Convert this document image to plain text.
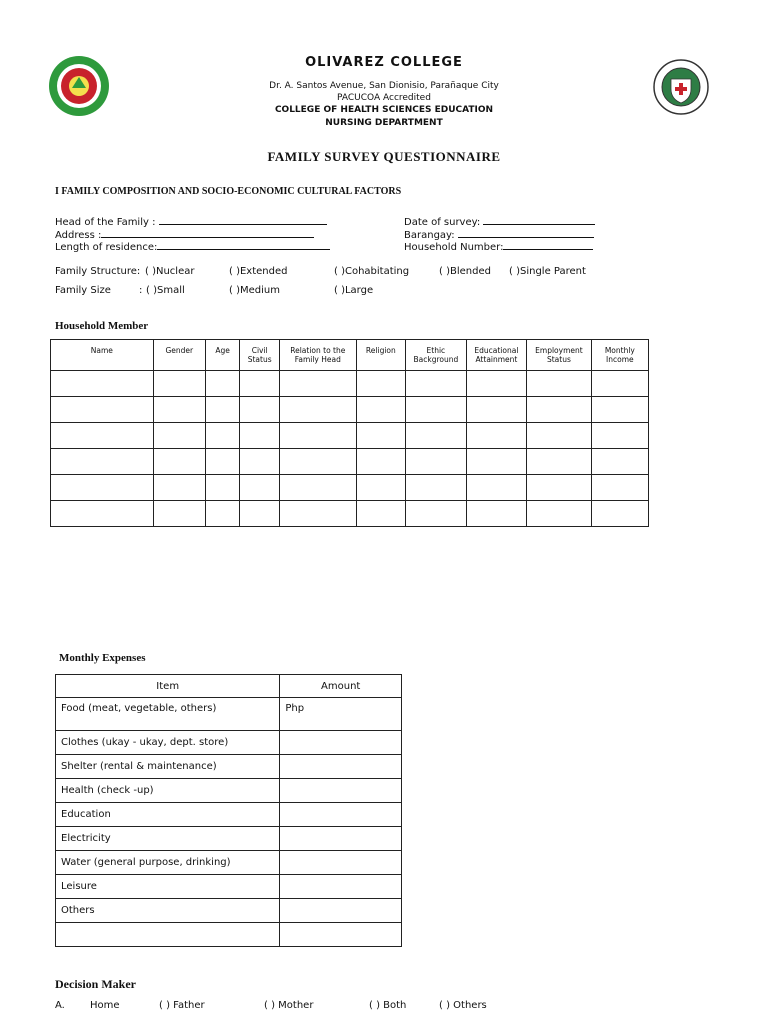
OLIVAREZ COLLEGE
Dr. A. Santos Avenue, San Dionisio, Parañaque City
PACUCOA Accredited
COLLEGE OF HEALTH SCIENCES EDUCATION
NURSING DEPARTMENT
FAMILY SURVEY QUESTIONNAIRE
I FAMILY COMPOSITION AND SOCIO-ECONOMIC CULTURAL FACTORS
Head of the Family :
Address :
Length of residence:
Date of survey:
Barangay:
Household Number:
Family Structure: ( )Nuclear	( )Extended	( )Cohabitating	( )Blended ( )Single Parent
Family Size	: ( )Small	( )Medium	( )Large
Household Member
Name	Gender	Age	Civil Status	Relation to the Family Head	Religion	Ethic Background	Educational Attainment	Employment Status	Monthly Income

Monthly Expenses
Item	Amount
Food (meat, vegetable, others)	Php
Clothes (ukay - ukay, dept. store)	
Shelter (rental & maintenance)	
Health (check -up)	
Education	
Electricity	
Water (general purpose, drinking)	
Leisure	
Others	

Decision Maker
A.	Home	( ) Father	( ) Mother	( ) Both	( ) Others
